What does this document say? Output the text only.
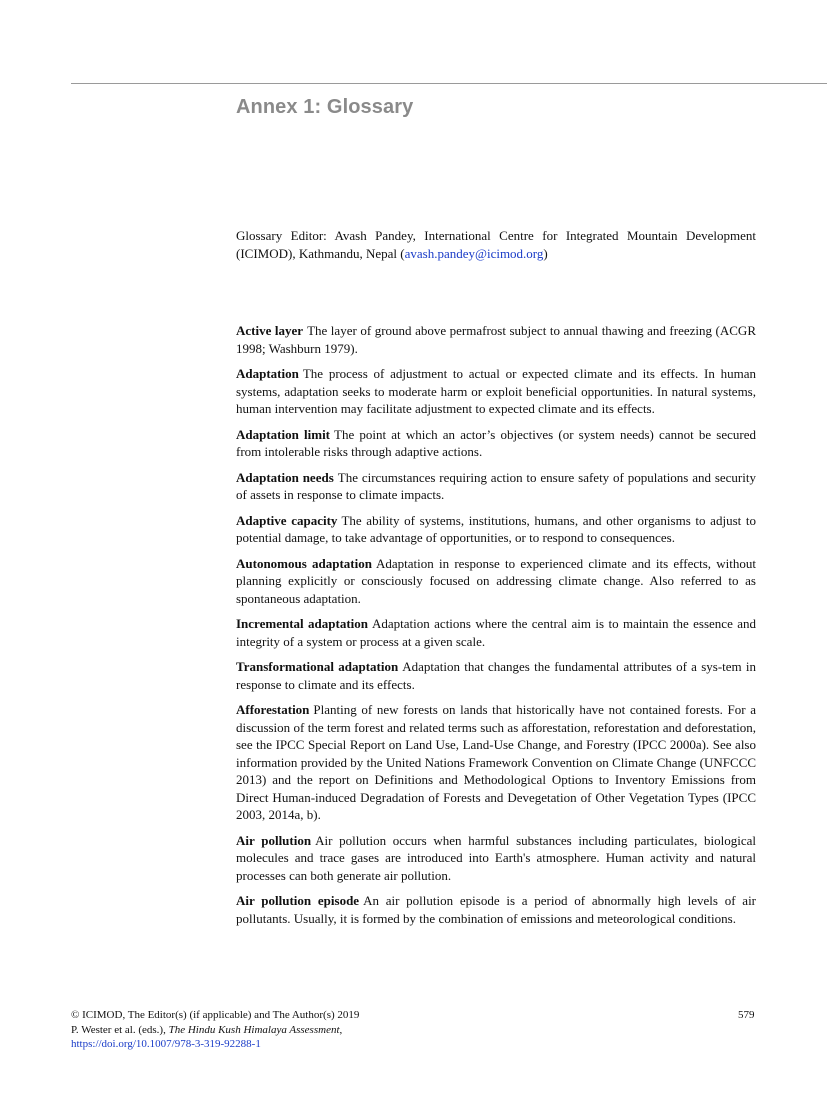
Annex 1: Glossary

Glossary Editor: Avash Pandey, International Centre for Integrated Mountain Development (ICIMOD), Kathmandu, Nepal (avash.pandey@icimod.org)

Active layer The layer of ground above permafrost subject to annual thawing and freezing (ACGR 1998; Washburn 1979).

Adaptation The process of adjustment to actual or expected climate and its effects. In human systems, adaptation seeks to moderate harm or exploit beneficial opportunities. In natural systems, human intervention may facilitate adjustment to expected climate and its effects.

Adaptation limit The point at which an actor’s objectives (or system needs) cannot be secured from intolerable risks through adaptive actions.

Adaptation needs The circumstances requiring action to ensure safety of populations and security of assets in response to climate impacts.

Adaptive capacity The ability of systems, institutions, humans, and other organisms to adjust to potential damage, to take advantage of opportunities, or to respond to consequences.

Autonomous adaptation Adaptation in response to experienced climate and its effects, without planning explicitly or consciously focused on addressing climate change. Also referred to as spontaneous adaptation.

Incremental adaptation Adaptation actions where the central aim is to maintain the essence and integrity of a system or process at a given scale.

Transformational adaptation Adaptation that changes the fundamental attributes of a sys-tem in response to climate and its effects.

Afforestation Planting of new forests on lands that historically have not contained forests. For a discussion of the term forest and related terms such as afforestation, reforestation and deforestation, see the IPCC Special Report on Land Use, Land-Use Change, and Forestry (IPCC 2000a). See also information provided by the United Nations Framework Convention on Climate Change (UNFCCC 2013) and the report on Definitions and Methodological Options to Inventory Emissions from Direct Human-induced Degradation of Forests and Devegetation of Other Vegetation Types (IPCC 2003, 2014a, b).

Air pollution Air pollution occurs when harmful substances including particulates, biological molecules and trace gases are introduced into Earth's atmosphere. Human activity and natural processes can both generate air pollution.

Air pollution episode An air pollution episode is a period of abnormally high levels of air pollutants. Usually, it is formed by the combination of emissions and meteorological conditions.

© ICIMOD, The Editor(s) (if applicable) and The Author(s) 2019
P. Wester et al. (eds.), The Hindu Kush Himalaya Assessment,
https://doi.org/10.1007/978-3-319-92288-1
579
